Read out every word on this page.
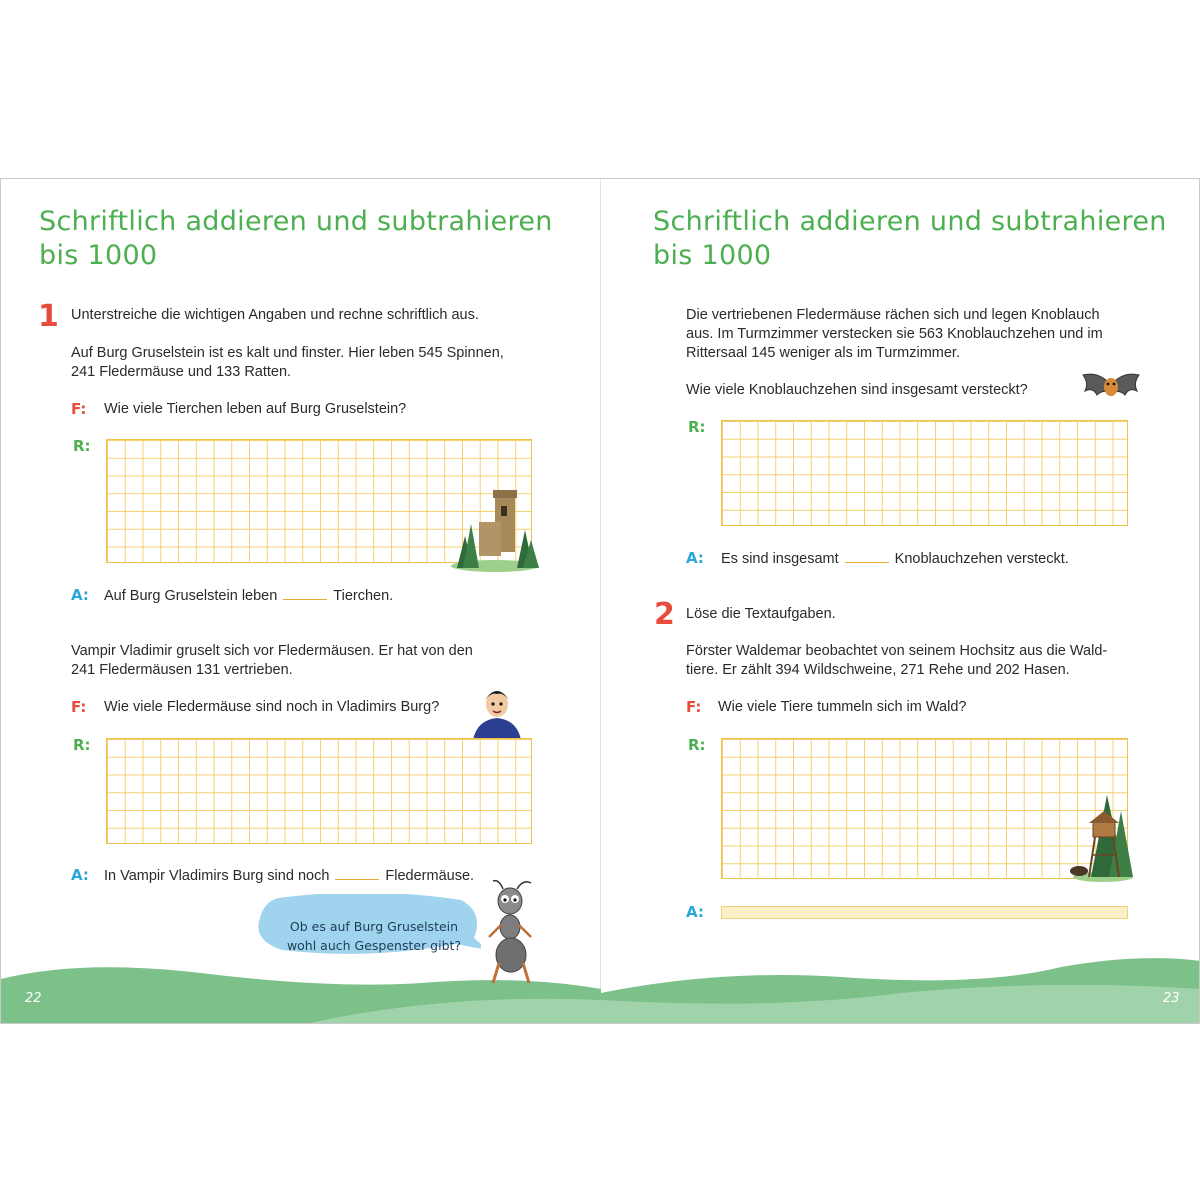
Schriftlich addieren und subtrahieren
bis 1000
1 Unterstreiche die wichtigen Angaben und rechne schriftlich aus.
Auf Burg Gruselstein ist es kalt und finster. Hier leben 545 Spinnen,
241 Fledermäuse und 133 Ratten.
F: Wie viele Tierchen leben auf Burg Gruselstein?
R:
A: Auf Burg Gruselstein leben	Tierchen.
Vampir Vladimir gruselt sich vor Fledermäusen. Er hat von den
241 Fledermäusen 131 vertrieben.
F: Wie viele Fledermäuse sind noch in Vladimirs Burg?
R:
A: In Vampir Vladimirs Burg sind noch	Fledermäuse.
Ob es auf Burg Gruselstein
wohl auch Gespenster gibt?
22
Schriftlich addieren und subtrahieren
bis 1000
Die vertriebenen Fledermäuse rächen sich und legen Knoblauch
aus. Im Turmzimmer verstecken sie 563 Knoblauchzehen und im
Rittersaal 145 weniger als im Turmzimmer.
Wie viele Knoblauchzehen sind insgesamt versteckt?
R:
A: Es sind insgesamt	Knoblauchzehen versteckt.
2 Löse die Textaufgaben.
Förster Waldemar beobachtet von seinem Hochsitz aus die Wald-
tiere. Er zählt 394 Wildschweine, 271 Rehe und 202 Hasen.
F: Wie viele Tiere tummeln sich im Wald?
R:
A:
23
